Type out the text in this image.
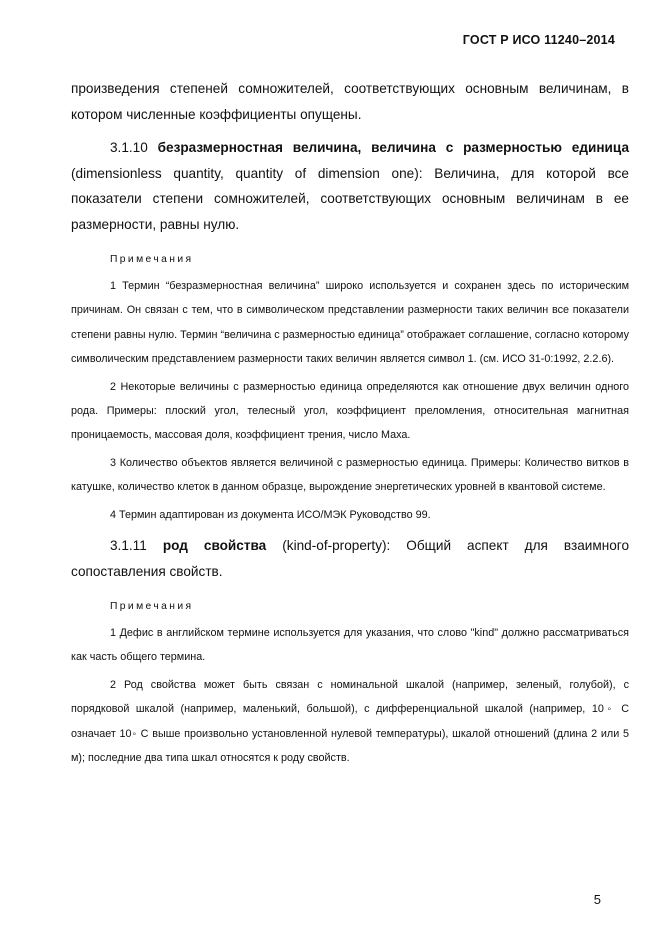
ГОСТ Р ИСО 11240–2014

произведения степеней сомножителей, соответствующих основным величинам, в котором численные коэффициенты опущены.

3.1.10 безразмерностная величина, величина с размерностью единица (dimensionless quantity, quantity of dimension one): Величина, для которой все показатели степени сомножителей, соответствующих основным величинам в ее размерности, равны нулю.

Примечания

1 Термин “безразмерностная величина” широко используется и сохранен здесь по историческим причинам. Он связан с тем, что в символическом представлении размерности таких величин все показатели степени равны нулю. Термин “величина с размерностью единица” отображает соглашение, согласно которому символическим представлением размерности таких величин является символ 1. (см. ИСО 31-0:1992, 2.2.6).

2 Некоторые величины с размерностью единица определяются как отношение двух величин одного рода. Примеры: плоский угол, телесный угол, коэффициент преломления, относительная магнитная проницаемость, массовая доля, коэффициент трения, число Маха.

3 Количество объектов является величиной с размерностью единица. Примеры: Количество витков в катушке, количество клеток в данном образце, вырождение энергетических уровней в квантовой системе.

4 Термин адаптирован из документа ИСО/МЭК Руководство 99.

3.1.11 род свойства (kind-of-property): Общий аспект для взаимного сопоставления свойств.

Примечания

1 Дефис в английском термине используется для указания, что слово "kind" должно рассматриваться как часть общего термина.

2 Род свойства может быть связан с номинальной шкалой (например, зеленый, голубой), с порядковой шкалой (например, маленький, большой), с дифференциальной шкалой (например, 10◦ С означает 10◦ С выше произвольно установленной нулевой температуры), шкалой отношений (длина 2 или 5 м); последние два типа шкал относятся к роду свойств.

5
